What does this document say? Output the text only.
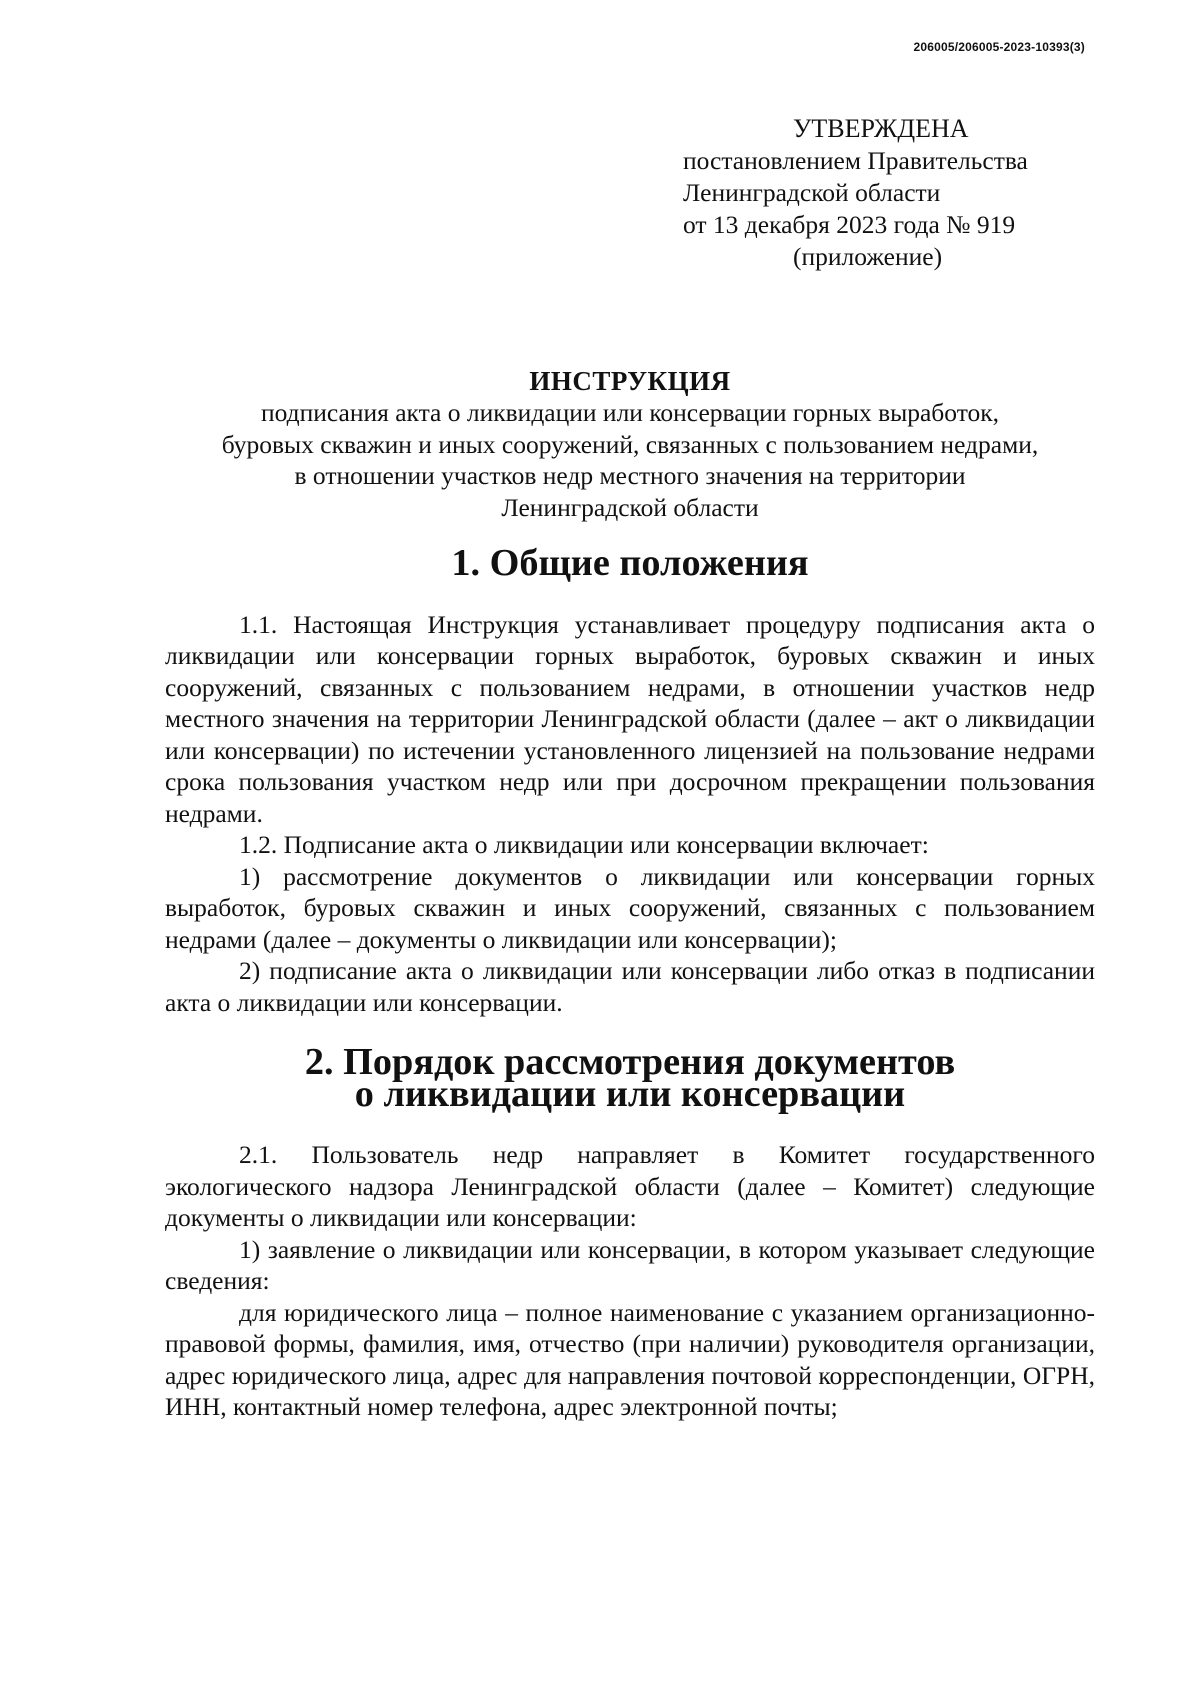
206005/206005-2023-10393(3)
УТВЕРЖДЕНА
постановлением Правительства
Ленинградской области
от 13 декабря 2023 года № 919
(приложение)
ИНСТРУКЦИЯ

подписания акта о ликвидации или консервации горных выработок,
буровых скважин и иных сооружений, связанных с пользованием недрами,
в отношении участков недр местного значения на территории
Ленинградской области

1. Общие положения

1.1. Настоящая Инструкция устанавливает процедуру подписания акта о ликвидации или консервации горных выработок, буровых скважин и иных сооружений, связанных с пользованием недрами, в отношении участков недр местного значения на территории Ленинградской области (далее – акт о ликвидации или консервации) по истечении установленного лицензией на пользование недрами срока пользования участком недр или при досрочном прекращении пользования недрами.

1.2. Подписание акта о ликвидации или консервации включает:

1) рассмотрение документов о ликвидации или консервации горных выработок, буровых скважин и иных сооружений, связанных с пользованием недрами (далее – документы о ликвидации или консервации);

2) подписание акта о ликвидации или консервации либо отказ в подписании акта о ликвидации или консервации.

2. Порядок рассмотрения документов
о ликвидации или консервации

2.1. Пользователь недр направляет в Комитет государственного экологического надзора Ленинградской области (далее – Комитет) следующие документы о ликвидации или консервации:

1) заявление о ликвидации или консервации, в котором указывает следующие сведения:

для юридического лица – полное наименование с указанием организационно-правовой формы, фамилия, имя, отчество (при наличии) руководителя организации, адрес юридического лица, адрес для направления почтовой корреспонденции, ОГРН, ИНН, контактный номер телефона, адрес электронной почты;
